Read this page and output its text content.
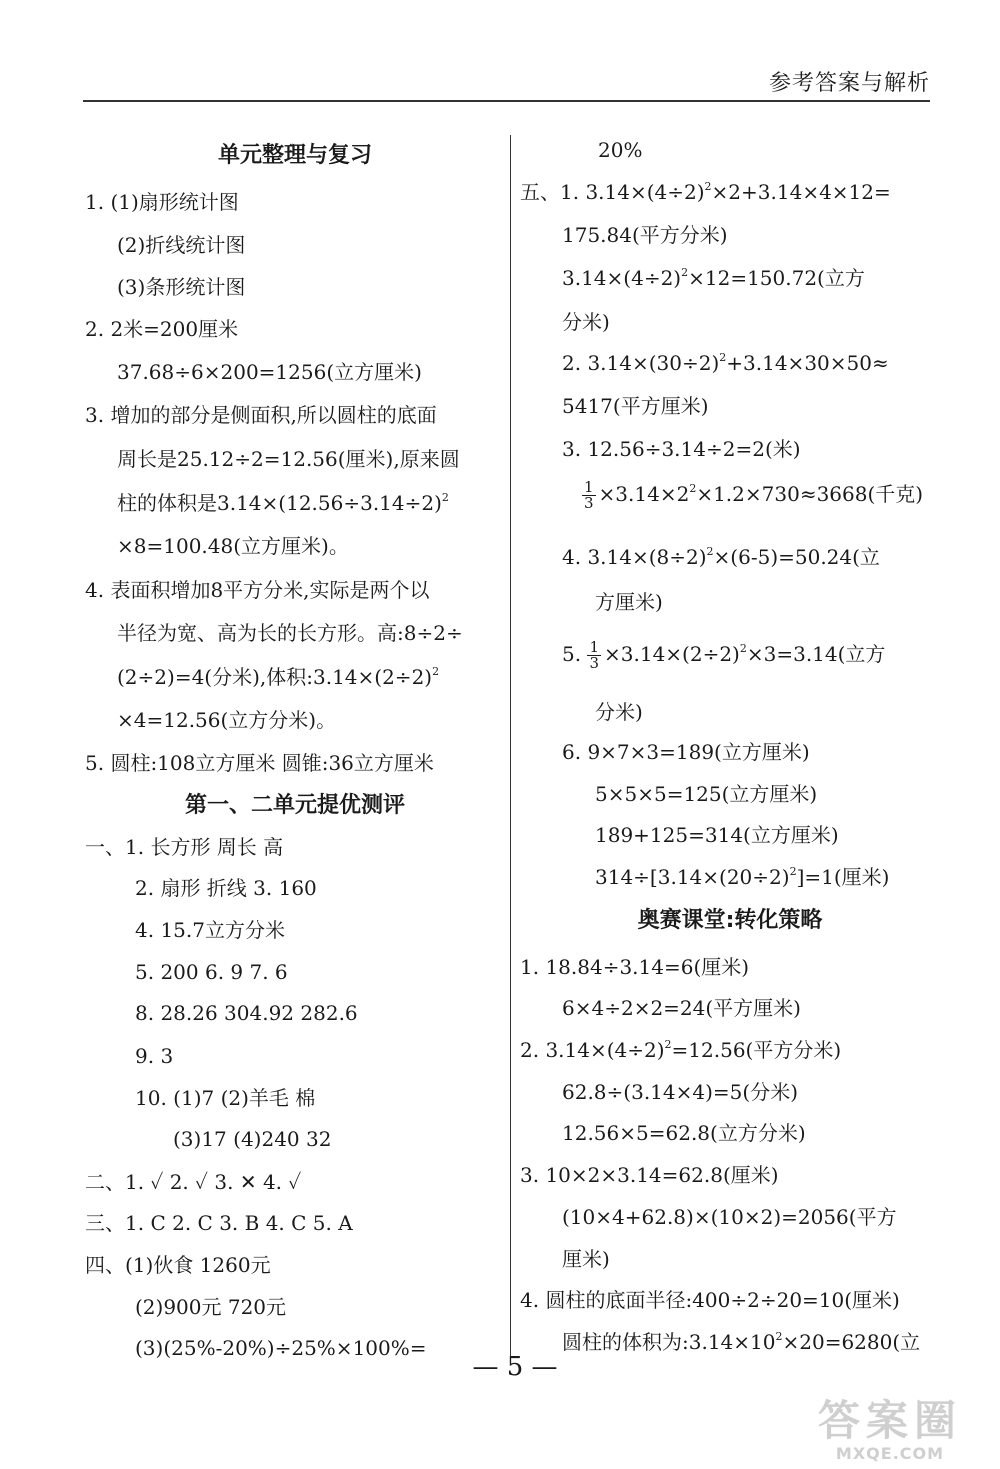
参考答案与解析
单元整理与复习
1. (1)扇形统计图
(2)折线统计图
(3)条形统计图
2. 2米=200厘米
37.68÷6×200=1256(立方厘米)
3. 增加的部分是侧面积,所以圆柱的底面
周长是25.12÷2=12.56(厘米),原来圆
柱的体积是$3.14\times(12.56\div 3.14\div 2)^2$
×8=100.48(立方厘米)。
4. 表面积增加8平方分米,实际是两个以
半径为宽、高为长的长方形。高:8÷2÷
(2÷2)=4(分米),体积$:3.14\times(2\div 2)^2$
×4=12.56(立方分米)。
5. 圆柱:108立方厘米 圆锥:36立方厘米
第一、二单元提优测评
一、1. 长方形 周长 高
2. 扇形 折线 3. 160
4. 15.7立方分米
5. 200 6. 9 7. 6
8. 28.26 304.92 282.6
9. 3
10. (1)7 (2)羊毛 棉
(3)17 (4)240 32
二、1. ✓ 2. ✓ 3. ✕ 4. ✓
三、1. C 2. C 3. B 4. C 5. A
四、(1)伙食 1260元
(2)900元 720元
(3)(25%-20%)÷25%×100%=
20%
五、1. $3.14\times(4\div 2)^2\times 2+3.14\times 4\times 12=$
175.84(平方分米)
$3.14\times(4\div 2)^2\times 12=150.72$(立方
分米)
2. $3.14\times(30\div 2)^2+3.14\times 30\times 50\approx$
5417(平方厘米)
3. 12.56÷3.14÷2=2(米)
$\frac{1}{3} \times 3.14\times 2^2\times 1.2\times 730\approx 3668$(千克)
4. $3.14\times(8\div 2)^2\times(6-5)=50.24$(立
方厘米)
5. $\frac{1}{3} \times 3.14\times(2\div 2)^2\times 3=3.14$(立方
分米)
6. 9×7×3=189(立方厘米)
5×5×5=125(立方厘米)
189+125=314(立方厘米)
$314\div[3.14\times(20\div 2)^2]=1$(厘米)
奥赛课堂:转化策略
1. 18.84÷3.14=6(厘米)
6×4÷2×2=24(平方厘米)
2. $3.14\times(4\div 2)^2=12.56$(平方分米)
62.8÷(3.14×4)=5(分米)
12.56×5=62.8(立方分米)
3. 10×2×3.14=62.8(厘米)
(10×4+62.8)×(10×2)=2056(平方
厘米)
4. 圆柱的底面半径:400÷2÷20=10(厘米)
圆柱的体积为$:3.14\times 10^2\times 20=6280$(立
— 5 —
答案圈
MXQE.COM
